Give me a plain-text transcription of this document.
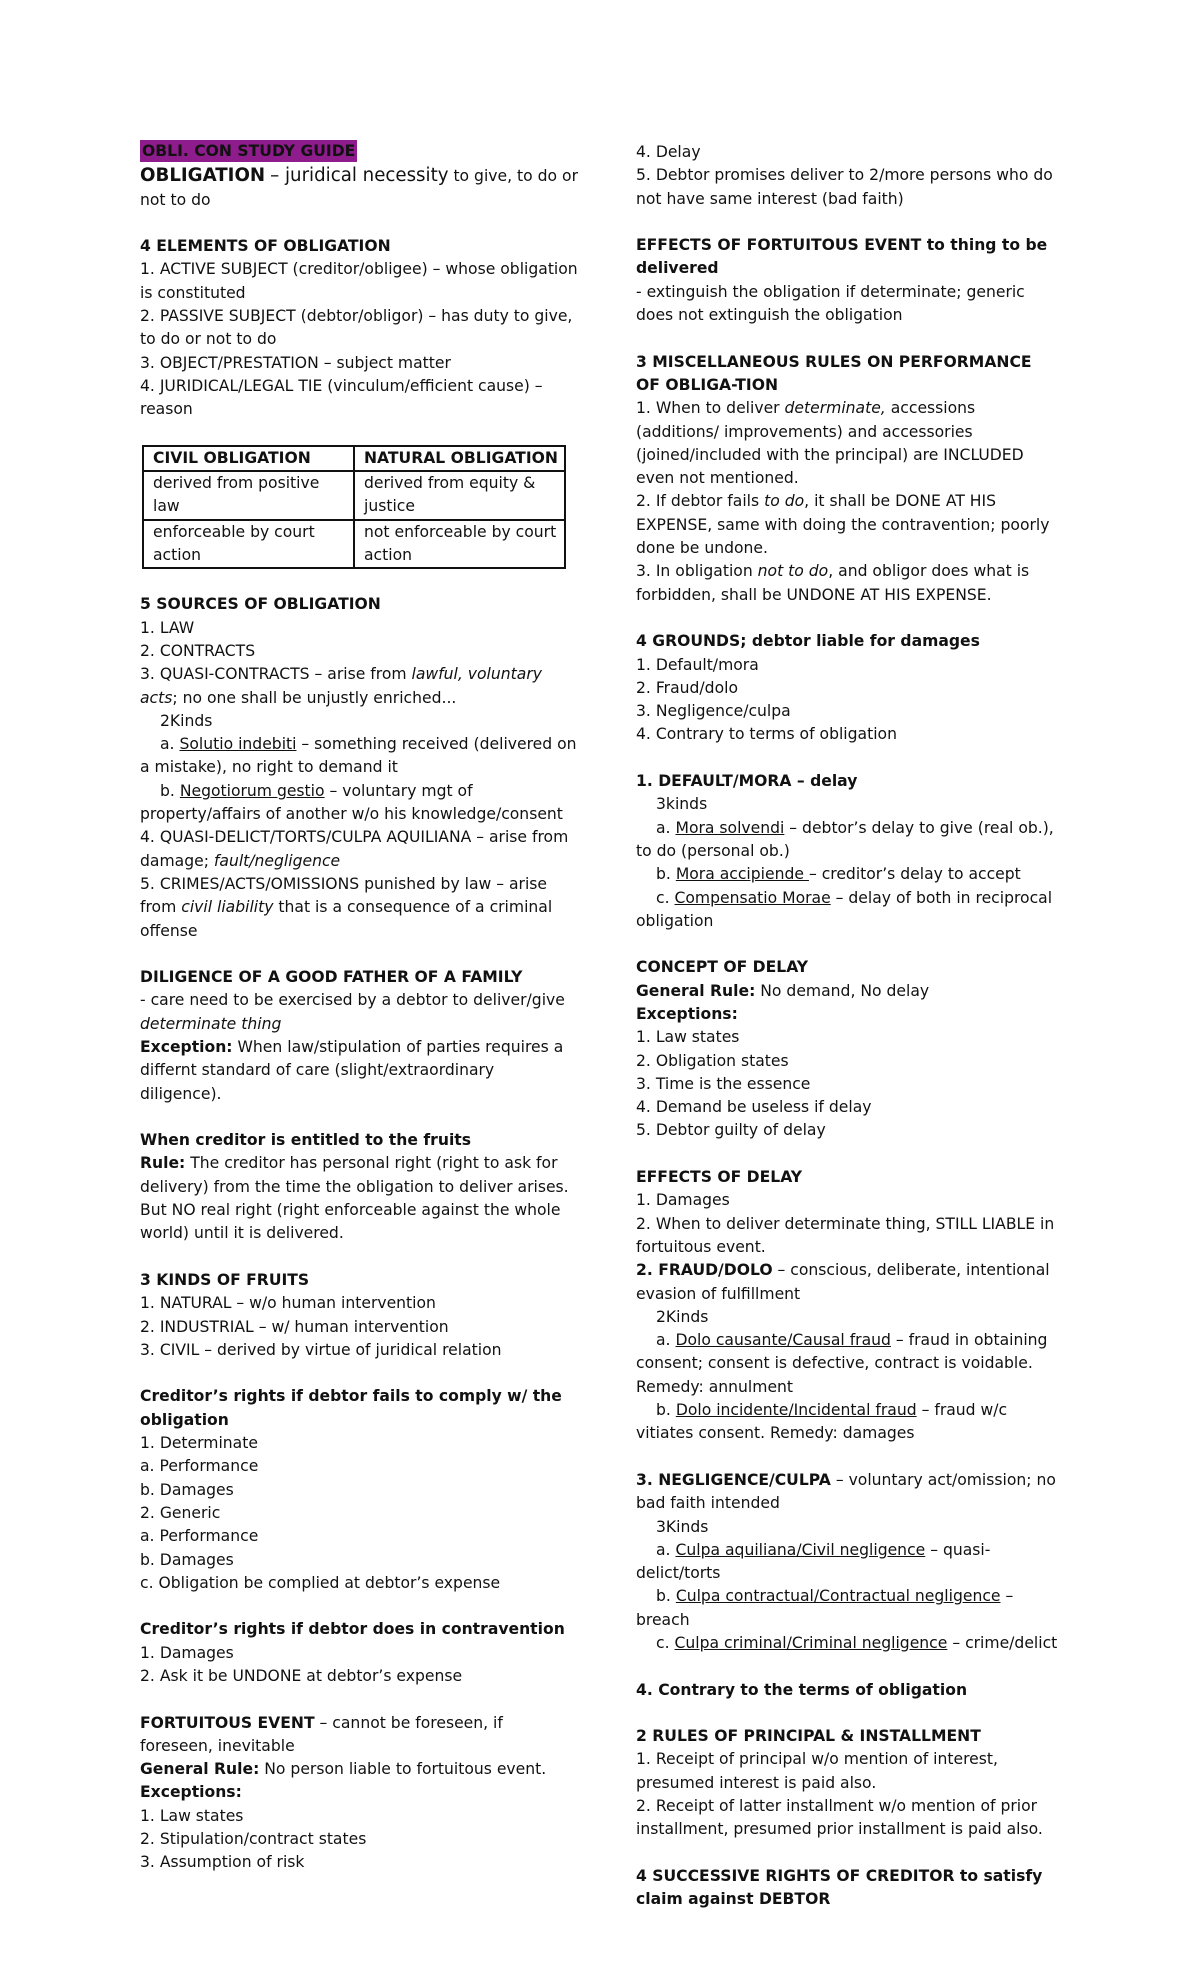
OBLI. CON STUDY GUIDE

OBLIGATION – juridical necessity to give, to do or not to do

4 ELEMENTS OF OBLIGATION

1. ACTIVE SUBJECT (creditor/obligee) – whose obligation is constituted

2. PASSIVE SUBJECT (debtor/obligor) – has duty to give, to do or not to do

3. OBJECT/PRESTATION – subject matter

4. JURIDICAL/LEGAL TIE (vinculum/efficient cause) – reason

CIVIL OBLIGATION	NATURAL OBLIGATION
derived from positive law	derived from equity & justice
enforceable by court action	not enforceable by court action

5 SOURCES OF OBLIGATION

1. LAW

2. CONTRACTS

3. QUASI-CONTRACTS – arise from lawful, voluntary acts; no one shall be unjustly enriched...

2Kinds

a. Solutio indebiti – something received (delivered on a mistake), no right to demand it

b. Negotiorum gestio – voluntary mgt of property/affairs of another w/o his knowledge/consent

4. QUASI-DELICT/TORTS/CULPA AQUILIANA – arise from damage; fault/negligence

5. CRIMES/ACTS/OMISSIONS punished by law – arise from civil liability that is a consequence of a criminal offense

DILIGENCE OF A GOOD FATHER OF A FAMILY

- care need to be exercised by a debtor to deliver/give determinate thing

Exception: When law/stipulation of parties requires a differnt standard of care (slight/extraordinary diligence).

When creditor is entitled to the fruits

Rule: The creditor has personal right (right to ask for delivery) from the time the obligation to deliver arises. But NO real right (right enforceable against the whole world) until it is delivered.

3 KINDS OF FRUITS

1. NATURAL – w/o human intervention

2. INDUSTRIAL – w/ human intervention

3. CIVIL – derived by virtue of juridical relation

Creditor’s rights if debtor fails to comply w/ the obligation

1. Determinate

a. Performance

b. Damages

2. Generic

a. Performance

b. Damages

c. Obligation be complied at debtor’s expense

Creditor’s rights if debtor does in contravention

1. Damages

2. Ask it be UNDONE at debtor’s expense

FORTUITOUS EVENT – cannot be foreseen, if foreseen, inevitable

General Rule: No person liable to fortuitous event.

Exceptions:

1. Law states

2. Stipulation/contract states

3. Assumption of risk

4. Delay

5. Debtor promises deliver to 2/more persons who do not have same interest (bad faith)

EFFECTS OF FORTUITOUS EVENT to thing to be delivered

- extinguish the obligation if determinate; generic does not extinguish the obligation

3 MISCELLANEOUS RULES ON PERFORMANCE OF OBLIGA-TION

1. When to deliver determinate, accessions (additions/ improvements) and accessories (joined/included with the principal) are INCLUDED even not mentioned.

2. If debtor fails to do, it shall be DONE AT HIS EXPENSE, same with doing the contravention; poorly done be undone.

3. In obligation not to do, and obligor does what is forbidden, shall be UNDONE AT HIS EXPENSE.

4 GROUNDS; debtor liable for damages

1. Default/mora

2. Fraud/dolo

3. Negligence/culpa

4. Contrary to terms of obligation

1. DEFAULT/MORA – delay

3kinds

a. Mora solvendi – debtor’s delay to give (real ob.), to do (personal ob.)

b. Mora accipiende – creditor’s delay to accept

c. Compensatio Morae – delay of both in reciprocal obligation

CONCEPT OF DELAY

General Rule: No demand, No delay

Exceptions:

1. Law states

2. Obligation states

3. Time is the essence

4. Demand be useless if delay

5. Debtor guilty of delay

EFFECTS OF DELAY

1. Damages

2. When to deliver determinate thing, STILL LIABLE in fortuitous event.

2. FRAUD/DOLO – conscious, deliberate, intentional evasion of fulfillment

2Kinds

a. Dolo causante/Causal fraud – fraud in obtaining consent; consent is defective, contract is voidable. Remedy: annulment

b. Dolo incidente/Incidental fraud – fraud w/c vitiates consent. Remedy: damages

3. NEGLIGENCE/CULPA – voluntary act/omission; no bad faith intended

3Kinds

a. Culpa aquiliana/Civil negligence – quasi-delict/torts

b. Culpa contractual/Contractual negligence – breach

c. Culpa criminal/Criminal negligence – crime/delict

4. Contrary to the terms of obligation

2 RULES OF PRINCIPAL & INSTALLMENT

1. Receipt of principal w/o mention of interest, presumed interest is paid also.

2. Receipt of latter installment w/o mention of prior installment, presumed prior installment is paid also.

4 SUCCESSIVE RIGHTS OF CREDITOR to satisfy claim against DEBTOR
